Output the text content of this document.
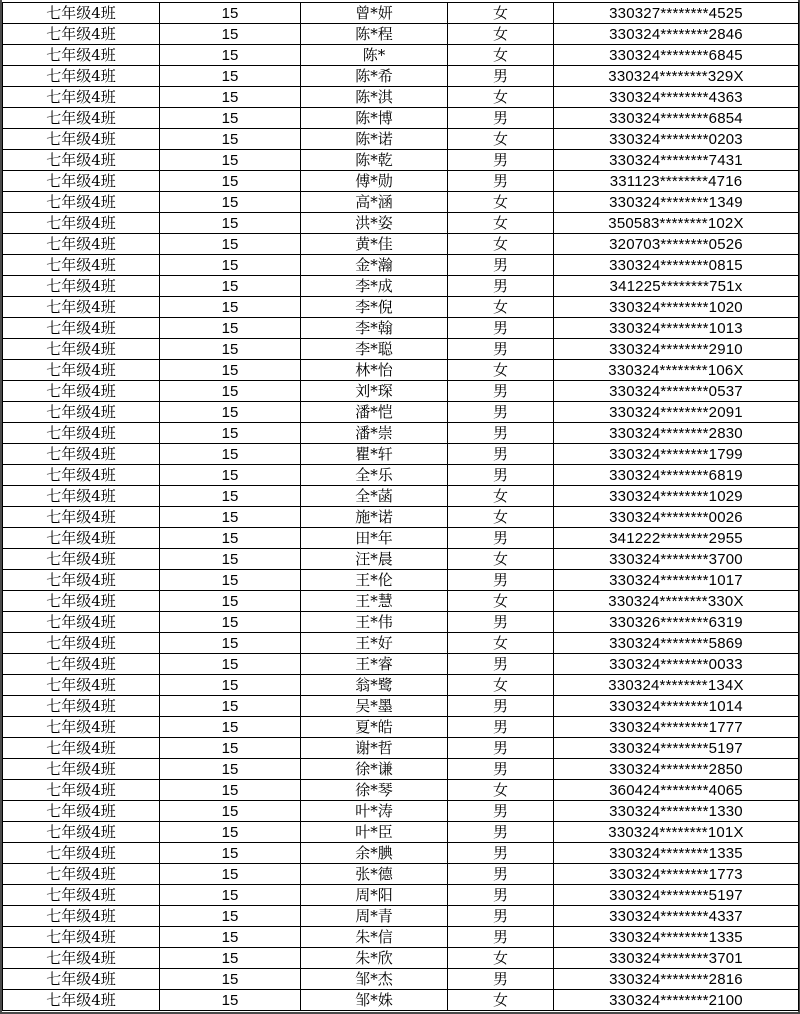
七年级4班	15	曾*妍	女	330327********4525
七年级4班	15	陈*程	女	330324********2846
七年级4班	15	陈*	女	330324********6845
七年级4班	15	陈*希	男	330324********329X
七年级4班	15	陈*淇	女	330324********4363
七年级4班	15	陈*博	男	330324********6854
七年级4班	15	陈*诺	女	330324********0203
七年级4班	15	陈*乾	男	330324********7431
七年级4班	15	傅*勋	男	331123********4716
七年级4班	15	高*涵	女	330324********1349
七年级4班	15	洪*姿	女	350583********102X
七年级4班	15	黄*佳	女	320703********0526
七年级4班	15	金*瀚	男	330324********0815
七年级4班	15	李*成	男	341225********751x
七年级4班	15	李*倪	女	330324********1020
七年级4班	15	李*翰	男	330324********1013
七年级4班	15	李*聪	男	330324********2910
七年级4班	15	林*怡	女	330324********106X
七年级4班	15	刘*琛	男	330324********0537
七年级4班	15	潘*恺	男	330324********2091
七年级4班	15	潘*崇	男	330324********2830
七年级4班	15	瞿*轩	男	330324********1799
七年级4班	15	全*乐	男	330324********6819
七年级4班	15	全*菡	女	330324********1029
七年级4班	15	施*诺	女	330324********0026
七年级4班	15	田*年	男	341222********2955
七年级4班	15	汪*晨	女	330324********3700
七年级4班	15	王*伦	男	330324********1017
七年级4班	15	王*慧	女	330324********330X
七年级4班	15	王*伟	男	330326********6319
七年级4班	15	王*好	女	330324********5869
七年级4班	15	王*睿	男	330324********0033
七年级4班	15	翁*鹭	女	330324********134X
七年级4班	15	吴*墨	男	330324********1014
七年级4班	15	夏*皓	男	330324********1777
七年级4班	15	谢*哲	男	330324********5197
七年级4班	15	徐*谦	男	330324********2850
七年级4班	15	徐*琴	女	360424********4065
七年级4班	15	叶*涛	男	330324********1330
七年级4班	15	叶*臣	男	330324********101X
七年级4班	15	余*腆	男	330324********1335
七年级4班	15	张*德	男	330324********1773
七年级4班	15	周*阳	男	330324********5197
七年级4班	15	周*青	男	330324********4337
七年级4班	15	朱*信	男	330324********1335
七年级4班	15	朱*欣	女	330324********3701
七年级4班	15	邹*杰	男	330324********2816
七年级4班	15	邹*姝	女	330324********2100
